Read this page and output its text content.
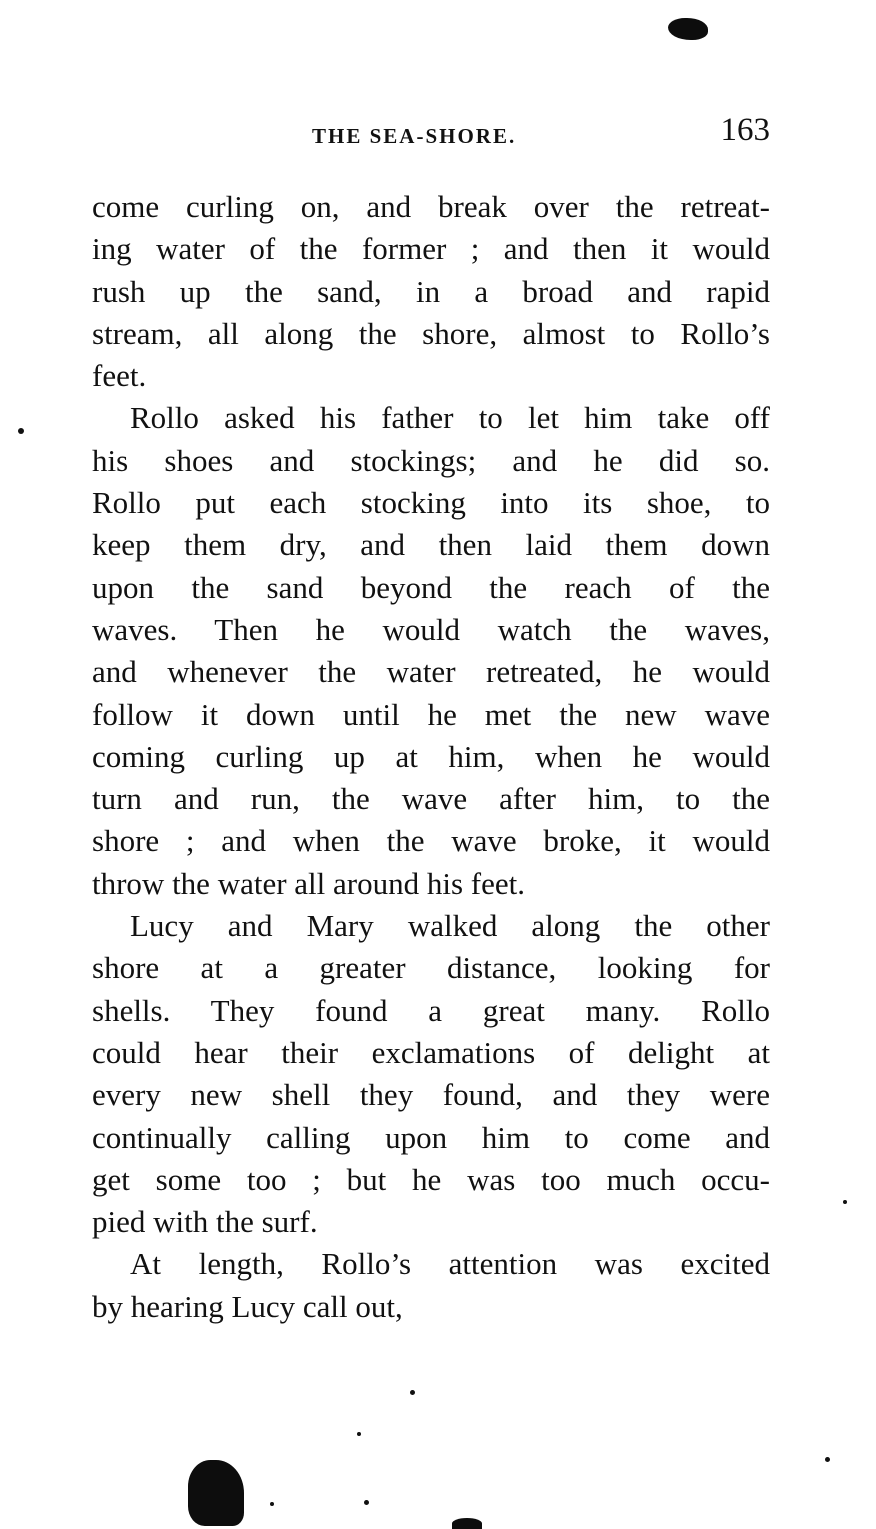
THE SEA-SHORE.	163
come curling on, and break over the retreat-
ing water of the former ; and then it would
rush up the sand, in a broad and rapid
stream, all along the shore, almost to Rollo’s
feet.
Rollo asked his father to let him take off
his shoes and stockings; and he did so.
Rollo put each stocking into its shoe, to
keep them dry, and then laid them down
upon the sand beyond the reach of the
waves. Then he would watch the waves,
and whenever the water retreated, he would
follow it down until he met the new wave
coming curling up at him, when he would
turn and run, the wave after him, to the
shore ; and when the wave broke, it would
throw the water all around his feet.
Lucy and Mary walked along the other
shore at a greater distance, looking for
shells. They found a great many. Rollo
could hear their exclamations of delight at
every new shell they found, and they were
continually calling upon him to come and
get some too ; but he was too much occu-
pied with the surf.
At length, Rollo’s attention was excited
by hearing Lucy call out,
